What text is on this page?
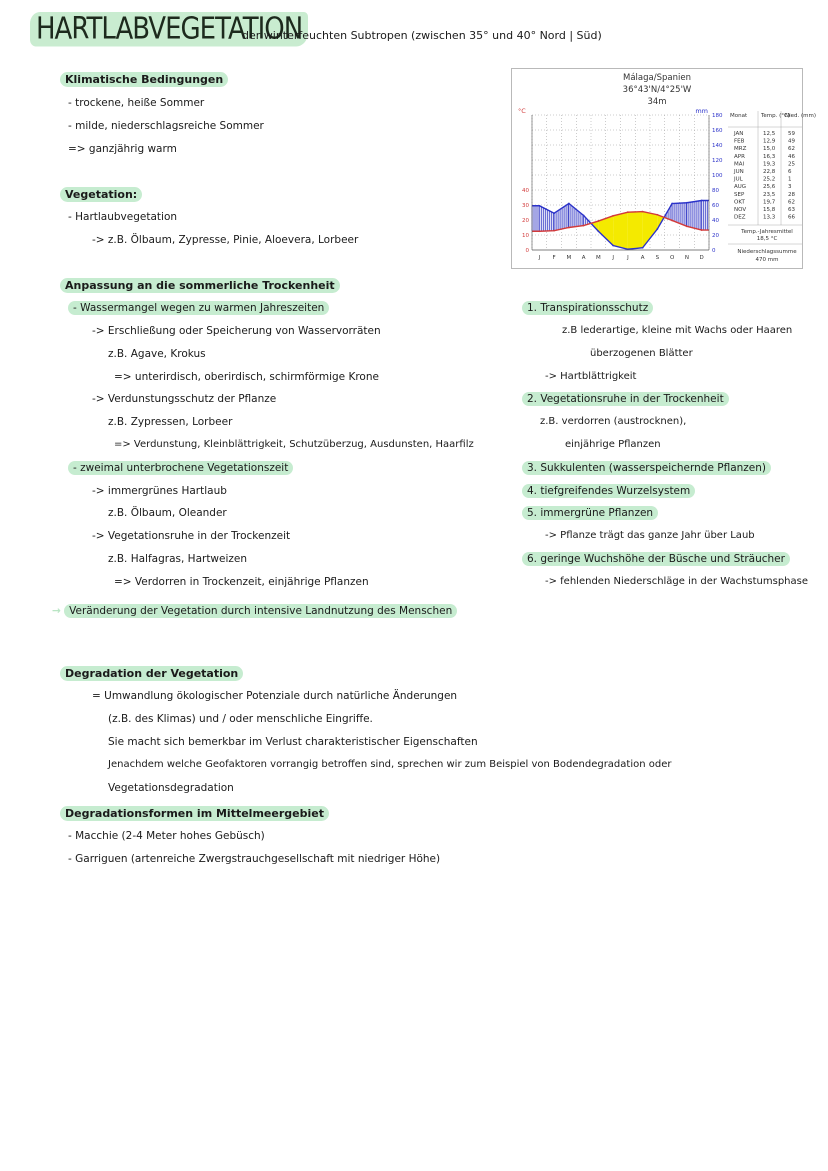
HARTLABVEGETATION
der winterfeuchten Subtropen (zwischen 35° und 40° Nord | Süd)
Klimatische Bedingungen
- trockene, heiße Sommer
- milde, niederschlagsreiche Sommer
=> ganzjährig warm
Vegetation:
- Hartlaubvegetation
-> z.B. Ölbaum, Zypresse, Pinie, Aloevera, Lorbeer
Anpassung an die sommerliche Trockenheit
- Wassermangel wegen zu warmen Jahreszeiten
-> Erschließung oder Speicherung von Wasservorräten
z.B. Agave, Krokus
=> unterirdisch, oberirdisch, schirmförmige Krone
-> Verdunstungsschutz der Pflanze
z.B. Zypressen, Lorbeer
=> Verdunstung, Kleinblättrigkeit, Schutzüberzug, Ausdunsten, Haarfilz
- zweimal unterbrochene Vegetationszeit
-> immergrünes Hartlaub
z.B. Ölbaum, Oleander
-> Vegetationsruhe in der Trockenzeit
z.B. Halfagras, Hartweizen
=> Verdorren in Trockenzeit, einjährige Pflanzen
→ Veränderung der Vegetation durch intensive Landnutzung des Menschen
1. Transpirationsschutz
z.B lederartige, kleine mit Wachs oder Haaren
überzogenen Blätter
-> Hartblättrigkeit
2. Vegetationsruhe in der Trockenheit
z.B. verdorren (austrocknen),
einjährige Pflanzen
3. Sukkulenten (wasserspeichernde Pflanzen)
4. tiefgreifendes Wurzelsystem
5. immergrüne Pflanzen
-> Pflanze trägt das ganze Jahr über Laub
6. geringe Wuchshöhe der Büsche und Sträucher
-> fehlenden Niederschläge in der Wachstumsphase
Degradation der Vegetation
= Umwandlung ökologischer Potenziale durch natürliche Änderungen
(z.B. des Klimas) und / oder menschliche Eingriffe.
Sie macht sich bemerkbar im Verlust charakteristischer Eigenschaften
Jenachdem welche Geofaktoren vorrangig betroffen sind, sprechen wir zum Beispiel von Bodendegradation oder
Vegetationsdegradation
Degradationsformen im Mittelmeergebiet
- Macchie (2-4 Meter hohes Gebüsch)
- Garriguen (artenreiche Zwergstrauchgesellschaft mit niedriger Höhe)
Málaga/Spanien
36°43'N/4°25'W
34m
°C	mm
0
10
20
30
40
0
20
40
60
80
100
120
140
160
180
J F M A M J J A S O N D
Monat	Temp. (°C)
Nied. (mm)
JAN	12,5 59
FEB	12,9 49
MRZ	15,0 62
APR	16,3 46
MAI	19,3 25
JUN	22,8 6
JUL	25,2 1
AUG	25,6 3
SEP	23,5 28
OKT	19,7 62
NOV	15,8 63
DEZ	13,3 66
Temp.-Jahresmittel
18,5 °C
Niederschlagssumme
470 mm
